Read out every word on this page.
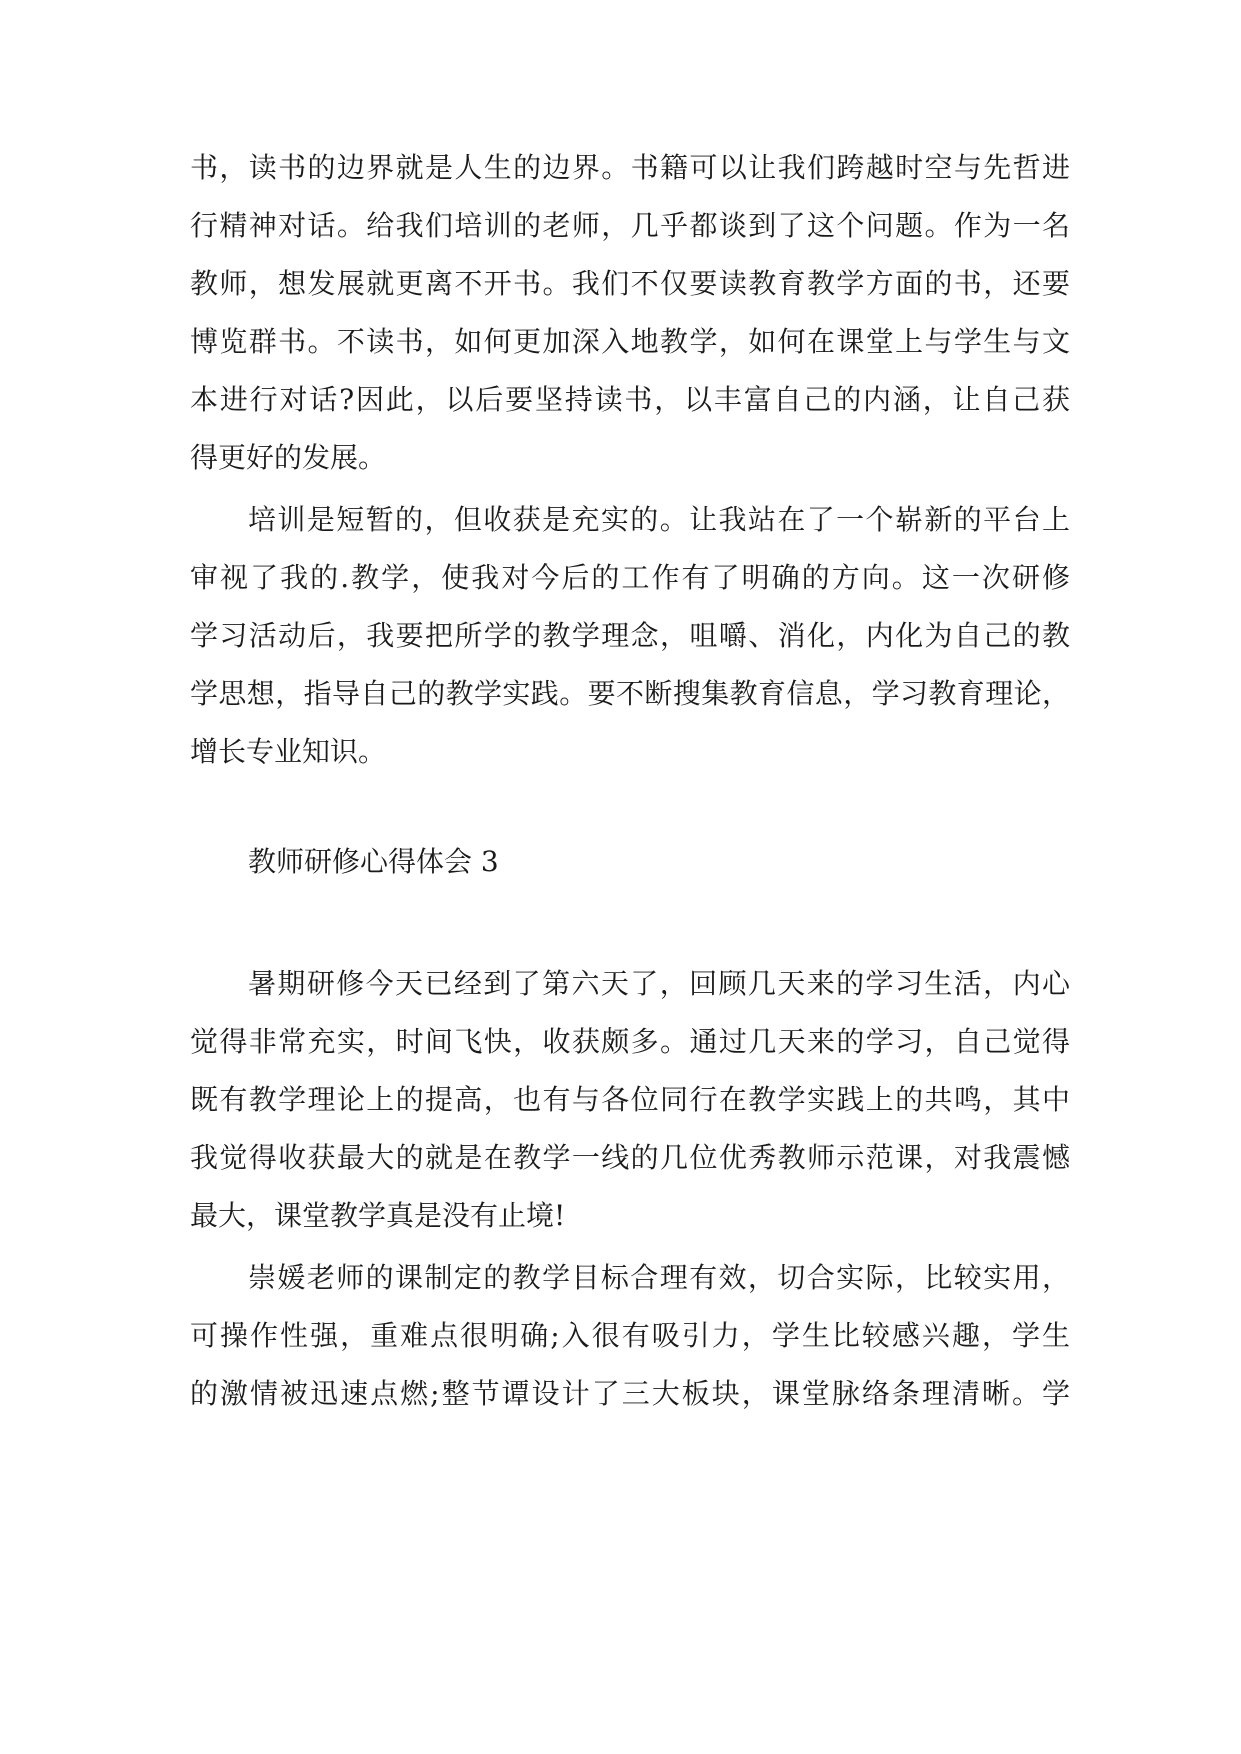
书，读书的边界就是人生的边界。书籍可以让我们跨越时空与先哲进
行精神对话。给我们培训的老师，几乎都谈到了这个问题。作为一名
教师，想发展就更离不开书。我们不仅要读教育教学方面的书，还要
博览群书。不读书，如何更加深入地教学，如何在课堂上与学生与文
本进行对话?因此，以后要坚持读书，以丰富自己的内涵，让自己获
得更好的发展。
培训是短暂的，但收获是充实的。让我站在了一个崭新的平台上
审视了我的.教学，使我对今后的工作有了明确的方向。这一次研修
学习活动后，我要把所学的教学理念，咀嚼、消化，内化为自己的教
学思想，指导自己的教学实践。要不断搜集教育信息，学习教育理论，
增长专业知识。
教师研修心得体会 3
暑期研修今天已经到了第六天了，回顾几天来的学习生活，内心
觉得非常充实，时间飞快，收获颇多。通过几天来的学习，自己觉得
既有教学理论上的提高，也有与各位同行在教学实践上的共鸣，其中
我觉得收获最大的就是在教学一线的几位优秀教师示范课，对我震憾
最大，课堂教学真是没有止境!
崇媛老师的课制定的教学目标合理有效，切合实际，比较实用，
可操作性强，重难点很明确;入很有吸引力，学生比较感兴趣，学生
的激情被迅速点燃;整节谭设计了三大板块，课堂脉络条理清晰。学
